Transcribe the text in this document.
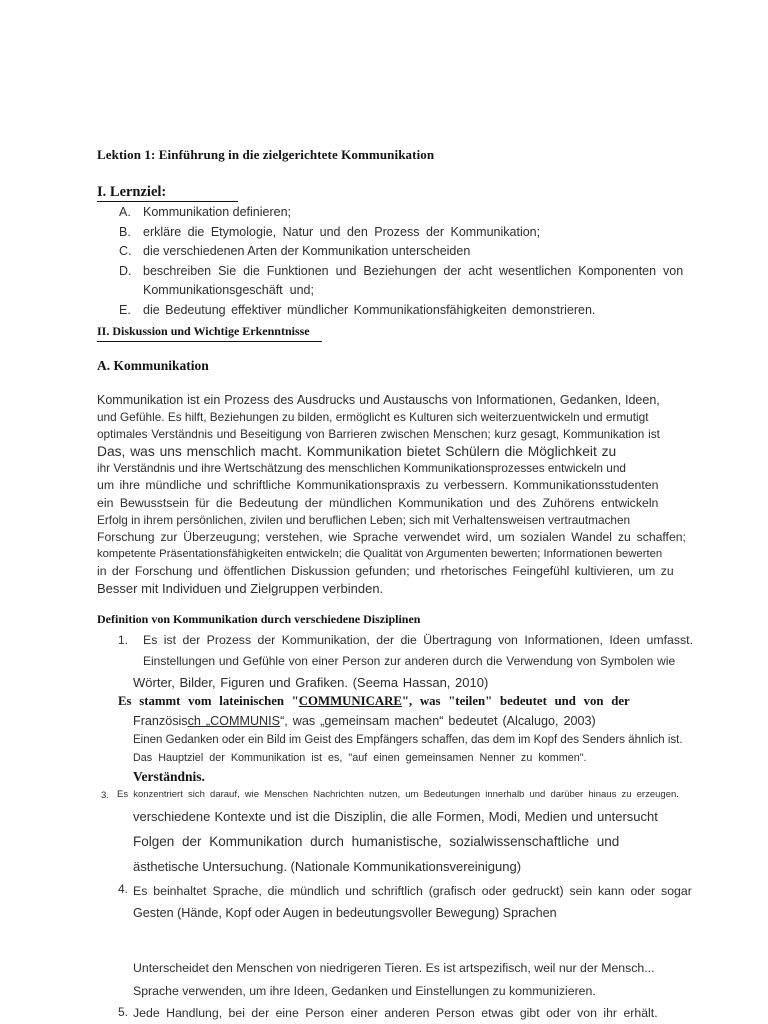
Lektion 1: Einführung in die zielgerichtete Kommunikation
I. Lernziel:
A. Kommunikation definieren;
B. erkläre die Etymologie, Natur und den Prozess der Kommunikation;
C. die verschiedenen Arten der Kommunikation unterscheiden
D. beschreiben Sie die Funktionen und Beziehungen der acht wesentlichen Komponenten von Kommunikationsgeschäft und;
E. die Bedeutung effektiver mündlicher Kommunikationsfähigkeiten demonstrieren.
II. Diskussion und Wichtige Erkenntnisse
A. Kommunikation
Kommunikation ist ein Prozess des Ausdrucks und Austauschs von Informationen, Gedanken, Ideen,
und Gefühle. Es hilft, Beziehungen zu bilden, ermöglicht es Kulturen sich weiterzuentwickeln und ermutigt
optimales Verständnis und Beseitigung von Barrieren zwischen Menschen; kurz gesagt, Kommunikation ist
Das, was uns menschlich macht. Kommunikation bietet Schülern die Möglichkeit zu
ihr Verständnis und ihre Wertschätzung des menschlichen Kommunikationsprozesses entwickeln und
um ihre mündliche und schriftliche Kommunikationspraxis zu verbessern. Kommunikationsstudenten
ein Bewusstsein für die Bedeutung der mündlichen Kommunikation und des Zuhörens entwickeln
Erfolg in ihrem persönlichen, zivilen und beruflichen Leben; sich mit Verhaltensweisen vertrautmachen
Forschung zur Überzeugung; verstehen, wie Sprache verwendet wird, um sozialen Wandel zu schaffen;
kompetente Präsentationsfähigkeiten entwickeln; die Qualität von Argumenten bewerten; Informationen bewerten
in der Forschung und öffentlichen Diskussion gefunden; und rhetorisches Feingefühl kultivieren, um zu
Besser mit Individuen und Zielgruppen verbinden.
Definition von Kommunikation durch verschiedene Disziplinen
1.	Es ist der Prozess der Kommunikation, der die Übertragung von Informationen, Ideen umfasst.
Einstellungen und Gefühle von einer Person zur anderen durch die Verwendung von Symbolen wie
Wörter, Bilder, Figuren und Grafiken. (Seema Hassan, 2010)
Es stammt vom lateinischen "COMMUNICARE", was "teilen" bedeutet und von der
Französisch „COMMUNIS“, was „gemeinsam machen“ bedeutet (Alcalugo, 2003)
Einen Gedanken oder ein Bild im Geist des Empfängers schaffen, das dem im Kopf des Senders ähnlich ist.
Das Hauptziel der Kommunikation ist es, "auf einen gemeinsamen Nenner zu kommen".
Verständnis.
3. Es konzentriert sich darauf, wie Menschen Nachrichten nutzen, um Bedeutungen innerhalb und darüber hinaus zu erzeugen.
verschiedene Kontexte und ist die Disziplin, die alle Formen, Modi, Medien und untersucht
Folgen der Kommunikation durch humanistische, sozialwissenschaftliche und
ästhetische Untersuchung. (Nationale Kommunikationsvereinigung)
4. Es beinhaltet Sprache, die mündlich und schriftlich (grafisch oder gedruckt) sein kann oder sogar
Gesten (Hände, Kopf oder Augen in bedeutungsvoller Bewegung) Sprachen
Unterscheidet den Menschen von niedrigeren Tieren. Es ist artspezifisch, weil nur der Mensch...
Sprache verwenden, um ihre Ideen, Gedanken und Einstellungen zu kommunizieren.
5. Jede Handlung, bei der eine Person einer anderen Person etwas gibt oder von ihr erhält.
